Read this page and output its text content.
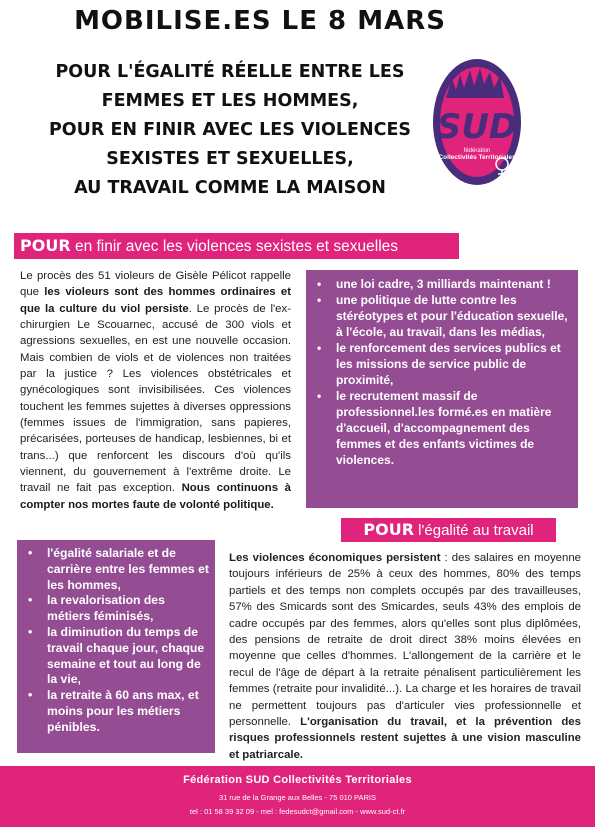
MOBILISE.ES LE 8 MARS
POUR L'ÉGALITÉ RÉELLE ENTRE LES
FEMMES ET LES HOMMES,
POUR EN FINIR AVEC LES VIOLENCES
SEXISTES ET SEXUELLES,
AU TRAVAIL COMME LA MAISON
SUD
fédération
Collectivités Territoriales
POUR en finir avec les violences sexistes et sexuelles
Le procès des 51 violeurs de Gisèle Pélicot rappelle que les violeurs sont des hommes ordinaires et que la culture du viol persiste. Le procès de l'ex-chirurgien Le Scouarnec, accusé de 300 viols et agressions sexuelles, en est une nouvelle occasion. Mais combien de viols et de violences non traitées par la justice ? Les violences obstétricales et gynécologiques sont invisibilisées. Ces violences touchent les femmes sujettes à diverses oppressions (femmes issues de l'immigration, sans papieres, précarisées, porteuses de handicap, lesbiennes, bi et trans...) que renforcent les discours d'où qu'ils viennent, du gouvernement à l'extrême droite. Le travail ne fait pas exception. Nous continuons à compter nos mortes faute de volonté politique.
• une loi cadre, 3 milliards maintenant !
• une politique de lutte contre les stéréotypes et pour l'éducation sexuelle, à l'école, au travail, dans les médias,
• le renforcement des services publics et les missions de service public de proximité,
• le recrutement massif de professionnel.les formé.es en matière d'accueil, d'accompagnement des femmes et des enfants victimes de violences.
POUR l'égalité au travail
• l'égalité salariale et de carrière entre les femmes et les hommes,
• la revalorisation des métiers féminisés,
• la diminution du temps de travail chaque jour, chaque semaine et tout au long de la vie,
• la retraite à 60 ans max, et moins pour les métiers pénibles.
Les violences économiques persistent : des salaires en moyenne toujours inférieurs de 25% à ceux des hommes, 80% des temps partiels et des temps non complets occupés par des travailleuses, 57% des Smicards sont des Smicardes, seuls 43% des emplois de cadre occupés par des femmes, alors qu'elles sont plus diplômées, des pensions de retraite de droit direct 38% moins élevées en moyenne que celles d'hommes. L'allongement de la carrière et le recul de l'âge de départ à la retraite pénalisent particulièrement les femmes (retraite pour invalidité...). La charge et les horaires de travail ne permettent toujours pas d'articuler vies professionnelle et personnelle. L'organisation du travail, et la prévention des risques professionnels restent sujettes à une vision masculine et patriarcale.
Fédération SUD Collectivités Territoriales
31 rue de la Grange aux Belles - 75 010 PARIS
tel : 01 58 39 32 09 - mel : fedesudct@gmail.com - www.sud-ct.fr
